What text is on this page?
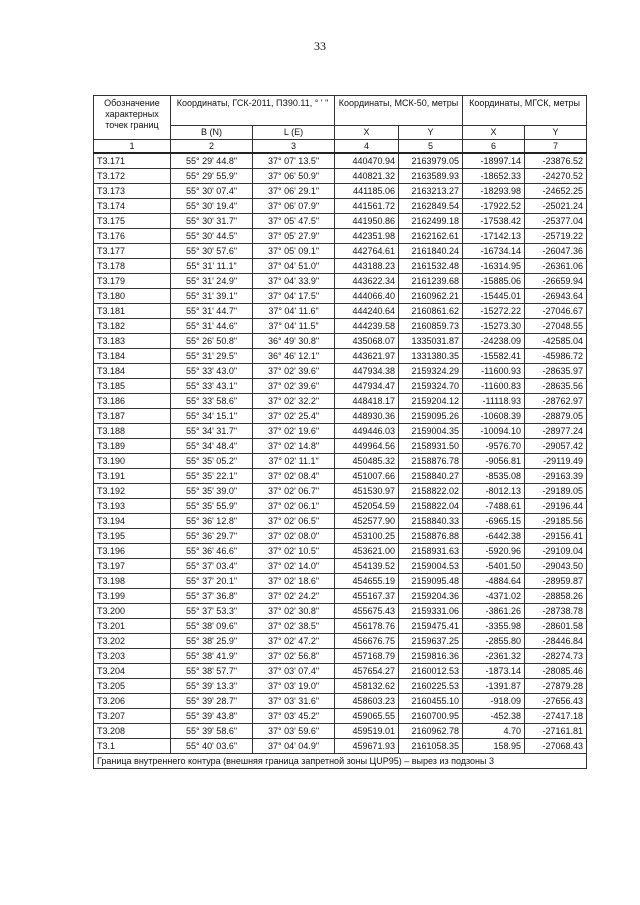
33
Обозначение характерных точек границ	Координаты, ГСК-2011, ПЗ90.11, ° ' "		Координаты, МСК-50, метры		Координаты, МГСК, метры	
	B (N)	L (E)	X	Y	X	Y
1	2	3	4	5	6	7
Т3.171	55° 29' 44.8"	37° 07' 13.5"	440470.94	2163979.05	-18997.14	-23876.52
Т3.172	55° 29' 55.9"	37° 06' 50.9"	440821.32	2163589.93	-18652.33	-24270.52
Т3.173	55° 30' 07.4"	37° 06' 29.1"	441185.06	2163213.27	-18293.98	-24652.25
Т3.174	55° 30' 19.4"	37° 06' 07.9"	441561.72	2162849.54	-17922.52	-25021.24
Т3.175	55° 30' 31.7"	37° 05' 47.5"	441950.86	2162499.18	-17538.42	-25377.04
Т3.176	55° 30' 44.5"	37° 05' 27.9"	442351.98	2162162.61	-17142.13	-25719.22
Т3.177	55° 30' 57.6"	37° 05' 09.1"	442764.61	2161840.24	-16734.14	-26047.36
Т3.178	55° 31' 11.1"	37° 04' 51.0"	443188.23	2161532.48	-16314.95	-26361.06
Т3.179	55° 31' 24.9"	37° 04' 33.9"	443622.34	2161239.68	-15885.06	-26659.94
Т3.180	55° 31' 39.1"	37° 04' 17.5"	444066.40	2160962.21	-15445.01	-26943.64
Т3.181	55° 31' 44.7"	37° 04' 11.6"	444240.64	2160861.62	-15272.22	-27046.67
Т3.182	55° 31' 44.6"	37° 04' 11.5"	444239.58	2160859.73	-15273.30	-27048.55
Т3.183	55° 26' 50.8"	36° 49' 30.8"	435068.07	1335031.87	-24238.09	-42585.04
Т3.184	55° 31' 29.5"	36° 46' 12.1"	443621.97	1331380.35	-15582.41	-45986.72
Т3.184	55° 33' 43.0"	37° 02' 39.6"	447934.38	2159324.29	-11600.93	-28635.97
Т3.185	55° 33' 43.1"	37° 02' 39.6"	447934.47	2159324.70	-11600.83	-28635.56
Т3.186	55° 33' 58.6"	37° 02' 32.2"	448418.17	2159204.12	-11118.93	-28762.97
Т3.187	55° 34' 15.1"	37° 02' 25.4"	448930.36	2159095.26	-10608.39	-28879.05
Т3.188	55° 34' 31.7"	37° 02' 19.6"	449446.03	2159004.35	-10094.10	-28977.24
Т3.189	55° 34' 48.4"	37° 02' 14.8"	449964.56	2158931.50	-9576.70	-29057.42
Т3.190	55° 35' 05.2"	37° 02' 11.1"	450485.32	2158876.78	-9056.81	-29119.49
Т3.191	55° 35' 22.1"	37° 02' 08.4"	451007.66	2158840.27	-8535.08	-29163.39
Т3.192	55° 35' 39.0"	37° 02' 06.7"	451530.97	2158822.02	-8012.13	-29189.05
Т3.193	55° 35' 55.9"	37° 02' 06.1"	452054.59	2158822.04	-7488.61	-29196.44
Т3.194	55° 36' 12.8"	37° 02' 06.5"	452577.90	2158840.33	-6965.15	-29185.56
Т3.195	55° 36' 29.7"	37° 02' 08.0"	453100.25	2158876.88	-6442.38	-29156.41
Т3.196	55° 36' 46.6"	37° 02' 10.5"	453621.00	2158931.63	-5920.96	-29109.04
Т3.197	55° 37' 03.4"	37° 02' 14.0"	454139.52	2159004.53	-5401.50	-29043.50
Т3.198	55° 37' 20.1"	37° 02' 18.6"	454655.19	2159095.48	-4884.64	-28959.87
Т3.199	55° 37' 36.8"	37° 02' 24.2"	455167.37	2159204.36	-4371.02	-28858.26
Т3.200	55° 37' 53.3"	37° 02' 30.8"	455675.43	2159331.06	-3861.26	-28738.78
Т3.201	55° 38' 09.6"	37° 02' 38.5"	456178.76	2159475.41	-3355.98	-28601.58
Т3.202	55° 38' 25.9"	37° 02' 47.2"	456676.75	2159637.25	-2855.80	-28446.84
Т3.203	55° 38' 41.9"	37° 02' 56.8"	457168.79	2159816.36	-2361.32	-28274.73
Т3.204	55° 38' 57.7"	37° 03' 07.4"	457654.27	2160012.53	-1873.14	-28085.46
Т3.205	55° 39' 13.3"	37° 03' 19.0"	458132.62	2160225.53	-1391.87	-27879.28
Т3.206	55° 39' 28.7"	37° 03' 31.6"	458603.23	2160455.10	-918.09	-27656.43
Т3.207	55° 39' 43.8"	37° 03' 45.2"	459065.55	2160700.95	-452.38	-27417.18
Т3.208	55° 39' 58.6"	37° 03' 59.6"	459519.01	2160962.78	4.70	-27161.81
Т3.1	55° 40' 03.6"	37° 04' 04.9"	459671.93	2161058.35	158.95	-27068.43
Граница внутреннего контура (внешняя граница запретной зоны ЦUP95) – вырез из подзоны 3						
